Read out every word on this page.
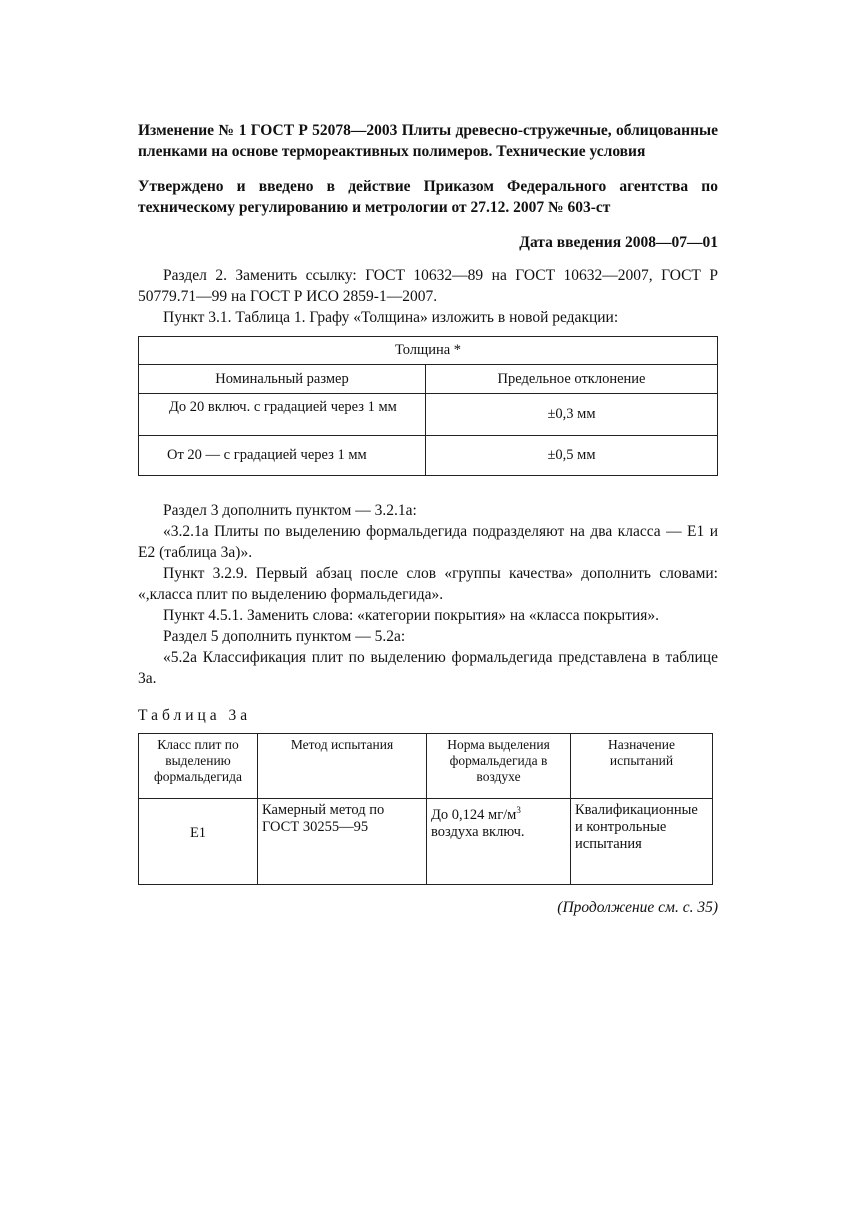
Изменение № 1 ГОСТ Р 52078—2003 Плиты древесно-стружечные, облицованные пленками на основе термореактивных полимеров. Технические условия

Утверждено и введено в действие Приказом Федерального агентства по техническому регулированию и метрологии от 27.12. 2007 № 603-ст

Дата введения 2008—07—01

Раздел 2. Заменить ссылку: ГОСТ 10632—89 на ГОСТ 10632—2007, ГОСТ Р 50779.71—99 на ГОСТ Р ИСО 2859-1—2007.

Пункт 3.1. Таблица 1. Графу «Толщина» изложить в новой редакции:

Толщина *	
Номинальный размер	Предельное отклонение
До 20 включ. с градацией через 1 мм	±0,3 мм
От 20 — с градацией через 1 мм	±0,5 мм

Раздел 3 дополнить пунктом — 3.2.1а:

«3.2.1а Плиты по выделению формальдегида подразделяют на два класса — Е1 и Е2 (таблица 3а)».

Пункт 3.2.9. Первый абзац после слов «группы качества» дополнить словами: «,класса плит по выделению формальдегида».

Пункт 4.5.1. Заменить слова: «категории покрытия» на «класса покрытия».

Раздел 5 дополнить пунктом — 5.2а:

«5.2а Классификация плит по выделению формальдегида представлена в таблице 3а.

Таблица 3а

Класс плит по выделению формальдегида	Метод испытания	Норма выделения формальдегида в воздухе	Назначение испытаний
Е1	Камерный метод по ГОСТ 30255—95	До 0,124 $мг/м^3$ воздуха включ.	Квалификационные и контрольные испытания

(Продолжение см. с. 35)
